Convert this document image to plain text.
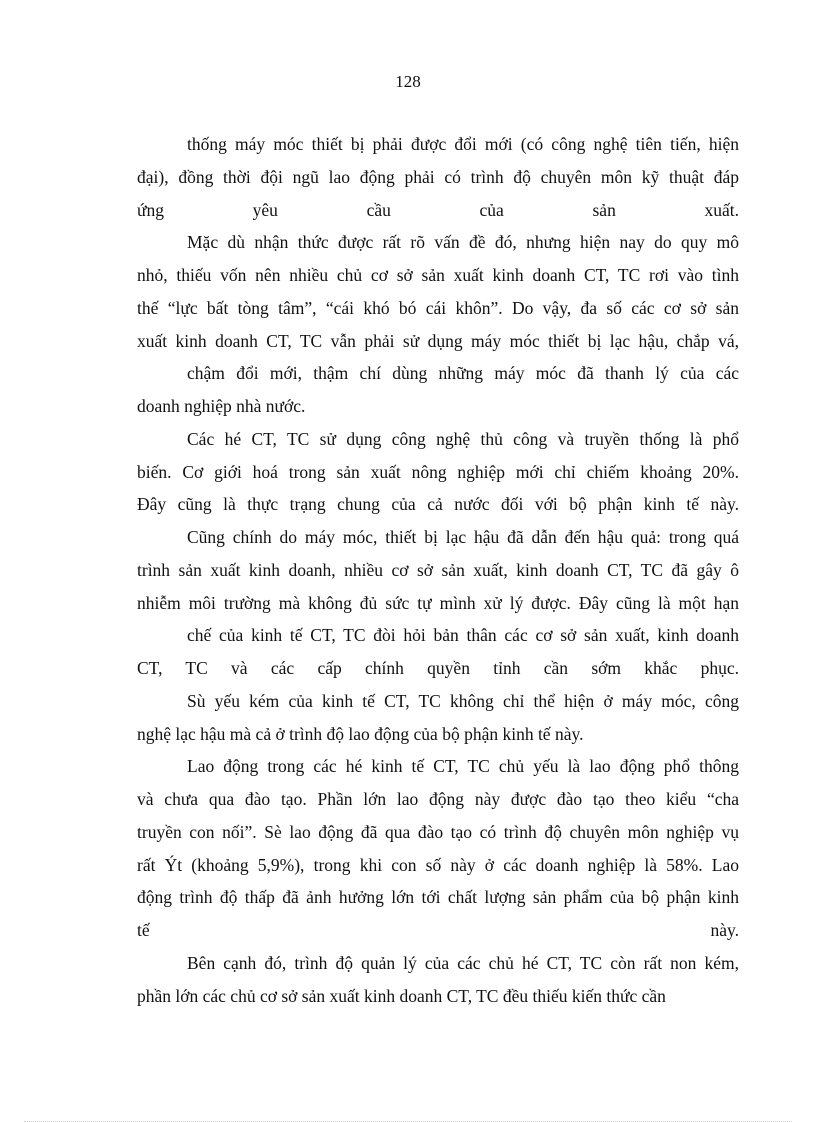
128
thống máy móc thiết bị phải được đổi mới (có công nghệ tiên tiến, hiện
đại), đồng thời đội ngũ lao động phải có trình độ chuyên môn kỹ thuật đáp
ứng yêu cầu của sản xuất.
Mặc dù nhận thức được rất rõ vấn đề đó, nhưng hiện nay do quy mô
nhỏ, thiếu vốn nên nhiều chủ cơ sở sản xuất kinh doanh CT, TC rơi vào tình
thế “lực bất tòng tâm”, “cái khó bó cái khôn”. Do vậy, đa số các cơ sở sản
xuất kinh doanh CT, TC vẫn phải sử dụng máy móc thiết bị lạc hậu, chắp vá,
chậm đổi mới, thậm chí dùng những máy móc đã thanh lý của các
doanh nghiệp nhà nước.
Các hé CT, TC sử dụng công nghệ thủ công và truyền thống là phổ
biến. Cơ giới hoá trong sản xuất nông nghiệp mới chỉ chiếm khoảng 20%.
Đây cũng là thực trạng chung của cả nước đối với bộ phận kinh tế này.
Cũng chính do máy móc, thiết bị lạc hậu đã dẫn đến hậu quả: trong quá
trình sản xuất kinh doanh, nhiều cơ sở sản xuất, kinh doanh CT, TC đã gây ô
nhiễm môi trường mà không đủ sức tự mình xử lý được. Đây cũng là một hạn
chế của kinh tế CT, TC đòi hỏi bản thân các cơ sở sản xuất, kinh doanh
CT, TC và các cấp chính quyền tỉnh cần sớm khắc phục.
Sù yếu kém của kinh tế CT, TC không chỉ thể hiện ở máy móc, công
nghệ lạc hậu mà cả ở trình độ lao động của bộ phận kinh tế này.
Lao động trong các hé kinh tế CT, TC chủ yếu là lao động phổ thông
và chưa qua đào tạo. Phần lớn lao động này được đào tạo theo kiểu “cha
truyền con nối”. Sè lao động đã qua đào tạo có trình độ chuyên môn nghiệp vụ
rất Ýt (khoảng 5,9%), trong khi con số này ở các doanh nghiệp là 58%. Lao
động trình độ thấp đã ảnh hưởng lớn tới chất lượng sản phẩm của bộ phận kinh
tế này.
Bên cạnh đó, trình độ quản lý của các chủ hé CT, TC còn rất non kém,
phần lớn các chủ cơ sở sản xuất kinh doanh CT, TC đều thiếu kiến thức cần
